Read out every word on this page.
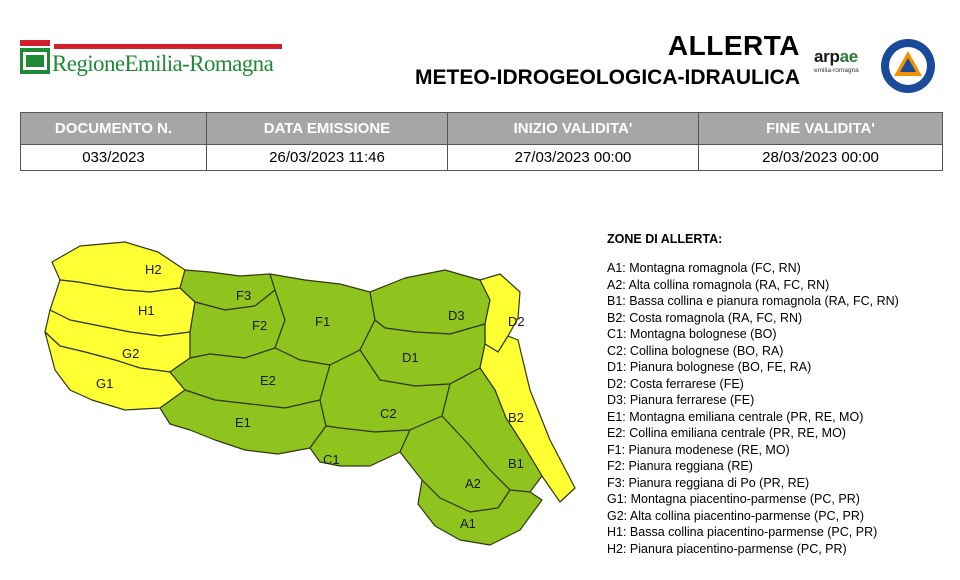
RegioneEmilia-Romagna
ALLERTA
METEO-IDROGEOLOGICA-IDRAULICA
arpae
emilia-romagna
DOCUMENTO N.	DATA EMISSIONE	INIZIO VALIDITA'	FINE VALIDITA'
033/2023	26/03/2023 11:46	27/03/2023 00:00	28/03/2023 00:00
H2
H1
G2
G1
F3
F2	F1
E2
E1
D3	D2
D1
C2
C1
B2
B1
A2
A1
ZONE DI ALLERTA:
A1: Montagna romagnola (FC, RN)
A2: Alta collina romagnola (RA, FC, RN)
B1: Bassa collina e pianura romagnola (RA, FC, RN)
B2: Costa romagnola (RA, FC, RN)
C1: Montagna bolognese (BO)
C2: Collina bolognese (BO, RA)
D1: Pianura bolognese (BO, FE, RA)
D2: Costa ferrarese (FE)
D3: Pianura ferrarese (FE)
E1: Montagna emiliana centrale (PR, RE, MO)
E2: Collina emiliana centrale (PR, RE, MO)
F1: Pianura modenese (RE, MO)
F2: Pianura reggiana (RE)
F3: Pianura reggiana di Po (PR, RE)
G1: Montagna piacentino-parmense (PC, PR)
G2: Alta collina piacentino-parmense (PC, PR)
H1: Bassa collina piacentino-parmense (PC, PR)
H2: Pianura piacentino-parmense (PC, PR)
